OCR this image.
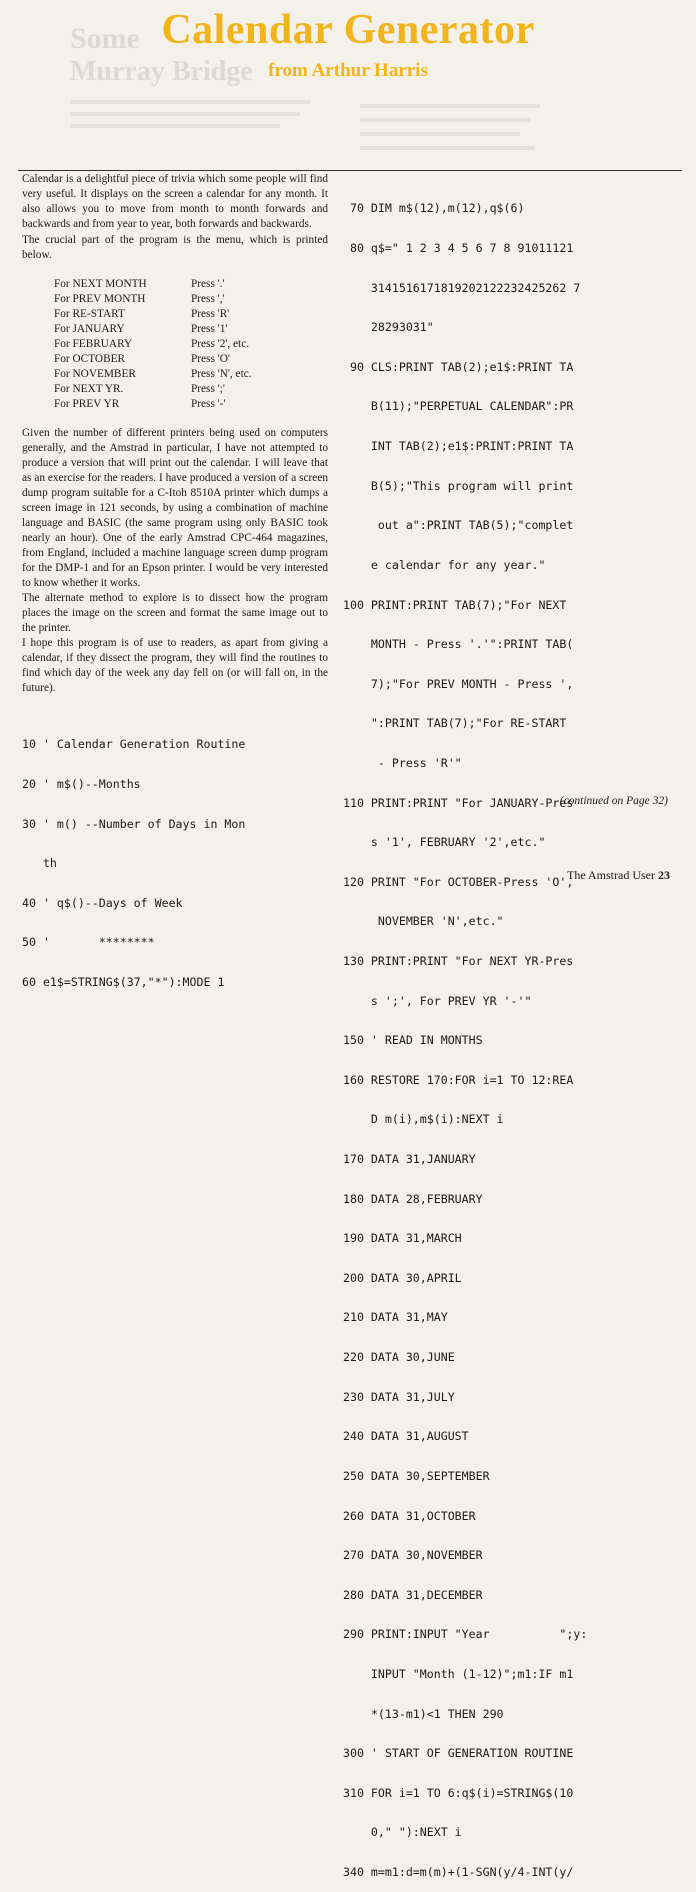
Some
Murray Bridge
Calendar Generator
from Arthur Harris

Calendar is a delightful piece of trivia which some people will find very useful. It displays on the screen a calendar for any month. It also allows you to move from month to month forwards and backwards and from year to year, both forwards and backwards.

The crucial part of the program is the menu, which is printed below.

For NEXT MONTH	Press '.'
For PREV MONTH	Press ','
For RE-START	Press 'R'
For JANUARY	Press '1'
For FEBRUARY	Press '2', etc.
For OCTOBER	Press 'O'
For NOVEMBER	Press 'N', etc.
For NEXT YR.	Press ';'
For PREV YR	Press '-'

Given the number of different printers being used on computers generally, and the Amstrad in particular, I have not attempted to produce a version that will print out the calendar. I will leave that as an exercise for the readers. I have produced a version of a screen dump program suitable for a C-Itoh 8510A printer which dumps a screen image in 121 seconds, by using a combination of machine language and BASIC (the same program using only BASIC took nearly an hour). One of the early Amstrad CPC-464 magazines, from England, included a machine language screen dump program for the DMP-1 and for an Epson printer. I would be very interested to know whether it works.

The alternate method to explore is to dissect how the program places the image on the screen and format the same image out to the printer.

I hope this program is of use to readers, as apart from giving a calendar, if they dissect the program, they will find the routines to find which day of the week any day fell on (or will fall on, in the future).

10 ' Calendar Generation Routine

20 ' m$()--Months

30 ' m() --Number of Days in Mon

th

40 ' q$()--Days of Week

50 '       ********

60 e1$=STRING$(37,"*"):MODE 1

70 DIM m$(12),m(12),q$(6)

80 q$=" 1 2 3 4 5 6 7 8 91011121

3141516171819202122232425262 7

28293031"

90 CLS:PRINT TAB(2);e1$:PRINT TA

B(11);"PERPETUAL CALENDAR":PR

INT TAB(2);e1$:PRINT:PRINT TA

B(5);"This program will print

out a":PRINT TAB(5);"complet

e calendar for any year."

100 PRINT:PRINT TAB(7);"For NEXT

MONTH - Press '.'":PRINT TAB(

7);"For PREV MONTH - Press ',

":PRINT TAB(7);"For RE-START

- Press 'R'"

110 PRINT:PRINT "For JANUARY-Pres

s '1', FEBRUARY '2',etc."

120 PRINT "For OCTOBER-Press 'O',

NOVEMBER 'N',etc."

130 PRINT:PRINT "For NEXT YR-Pres

s ';', For PREV YR '-'"

150 ' READ IN MONTHS

160 RESTORE 170:FOR i=1 TO 12:REA

D m(i),m$(i):NEXT i

170 DATA 31,JANUARY

180 DATA 28,FEBRUARY

190 DATA 31,MARCH

200 DATA 30,APRIL

210 DATA 31,MAY

220 DATA 30,JUNE

230 DATA 31,JULY

240 DATA 31,AUGUST

250 DATA 30,SEPTEMBER

260 DATA 31,OCTOBER

270 DATA 30,NOVEMBER

280 DATA 31,DECEMBER

290 PRINT:INPUT "Year          ";y:

INPUT "Month (1-12)";m1:IF m1

*(13-m1)<1 THEN 290

300 ' START OF GENERATION ROUTINE

310 FOR i=1 TO 6:q$(i)=STRING$(10

0," "):NEXT i

340 m=m1:d=m(m)+(1-SGN(y/4-INT(y/

(continued on Page 32)
The Amstrad User 23
